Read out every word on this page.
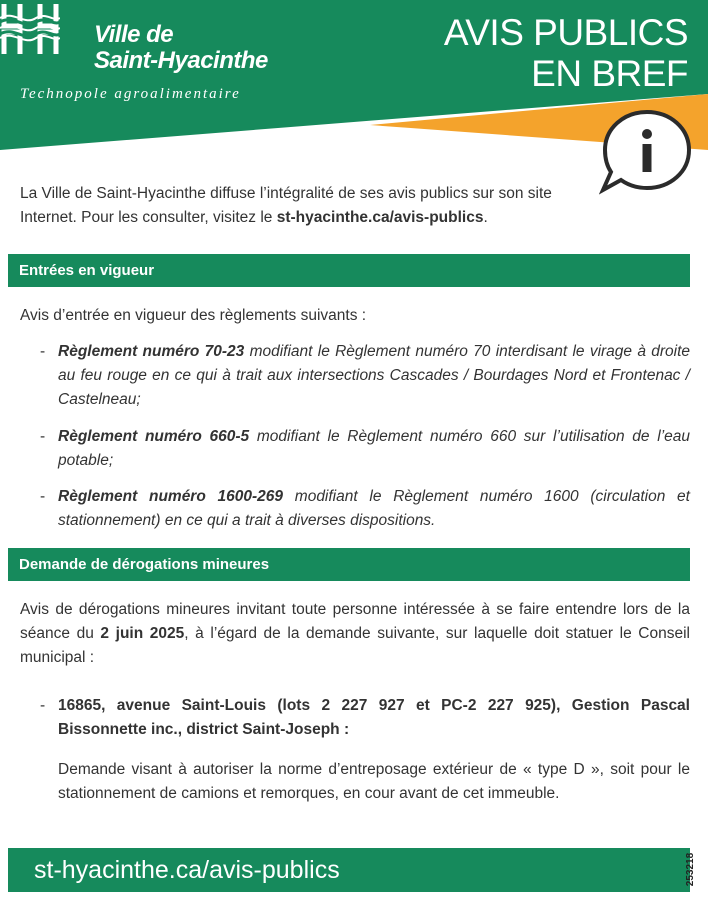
Ville de
Saint-Hyacinthe
Technopole agroalimentaire
AVIS PUBLICS
EN BREF
La Ville de Saint-Hyacinthe diffuse l’intégralité de ses avis publics sur son site Internet. Pour les consulter, visitez le st-hyacinthe.ca/avis-publics.
Entrées en vigueur
Avis d’entrée en vigueur des règlements suivants :
- Règlement numéro 70-23 modifiant le Règlement numéro 70 interdisant le virage à droite au feu rouge en ce qui à trait aux intersections Cascades / Bourdages Nord et Frontenac / Castelneau;
- Règlement numéro 660-5 modifiant le Règlement numéro 660 sur l’utilisation de l’eau potable;
- Règlement numéro 1600-269 modifiant le Règlement numéro 1600 (circulation et stationnement) en ce qui a trait à diverses dispositions.
Demande de dérogations mineures
Avis de dérogations mineures invitant toute personne intéressée à se faire entendre lors de la séance du 2 juin 2025, à l’égard de la demande suivante, sur laquelle doit statuer le Conseil municipal :
- 16865, avenue Saint-Louis (lots 2 227 927 et PC-2 227 925), Gestion Pascal Bissonnette inc., district Saint-Joseph :
Demande visant à autoriser la norme d’entreposage extérieur de « type D », soit pour le stationnement de camions et remorques, en cour avant de cet immeuble.
st-hyacinthe.ca/avis-publics	253218
